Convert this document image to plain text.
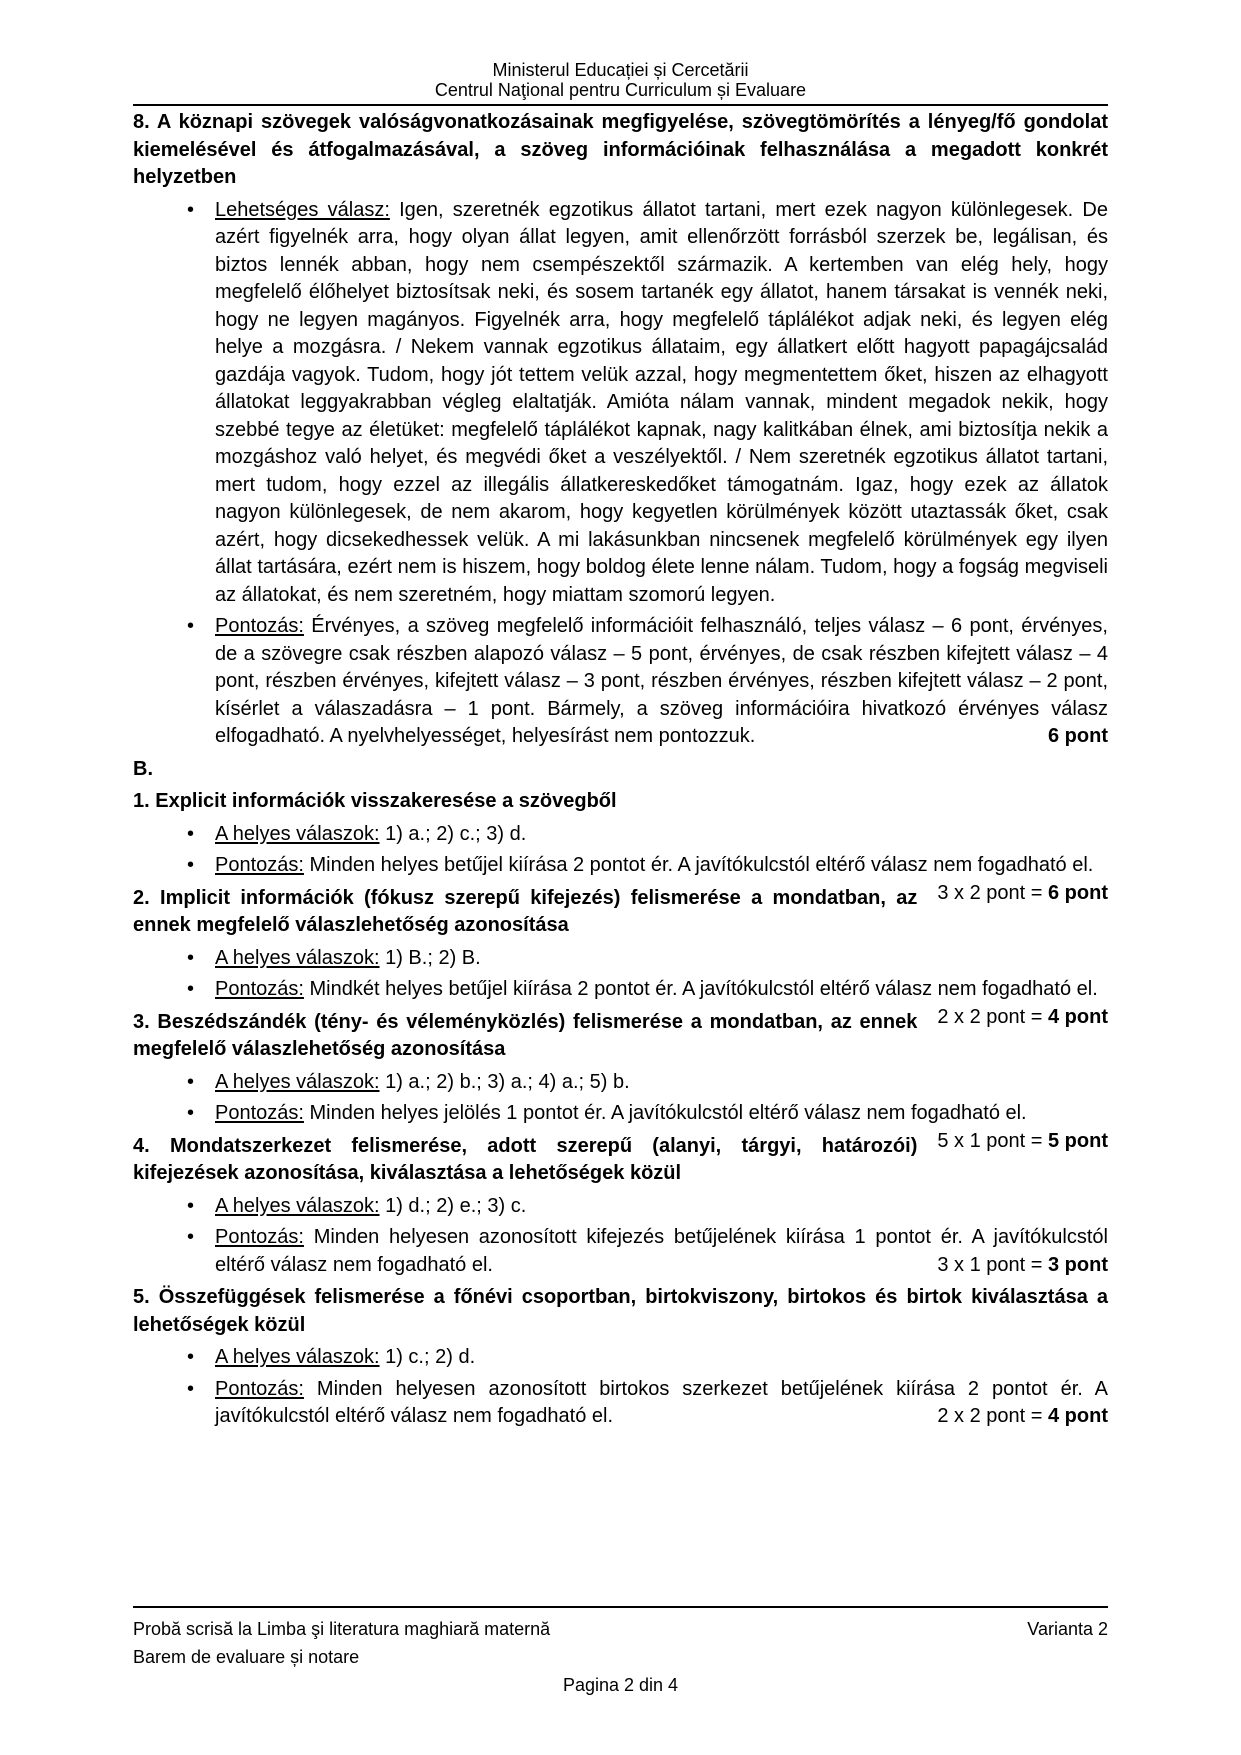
Ministerul Educației și Cercetării
Centrul Naţional pentru Curriculum și Evaluare

8. A köznapi szövegek valóságvonatkozásainak megfigyelése, szövegtömörítés a lényeg/fő gondolat kiemelésével és átfogalmazásával, a szöveg információinak felhasználása a megadott konkrét helyzetben

• Lehetséges válasz: Igen, szeretnék egzotikus állatot tartani, mert ezek nagyon különlegesek. De azért figyelnék arra, hogy olyan állat legyen, amit ellenőrzött forrásból szerzek be, legálisan, és biztos lennék abban, hogy nem csempészektől származik. A kertemben van elég hely, hogy megfelelő élőhelyet biztosítsak neki, és sosem tartanék egy állatot, hanem társakat is vennék neki, hogy ne legyen magányos. Figyelnék arra, hogy megfelelő táplálékot adjak neki, és legyen elég helye a mozgásra. / Nekem vannak egzotikus állataim, egy állatkert előtt hagyott papagájcsalád gazdája vagyok. Tudom, hogy jót tettem velük azzal, hogy megmentettem őket, hiszen az elhagyott állatokat leggyakrabban végleg elaltatják. Amióta nálam vannak, mindent megadok nekik, hogy szebbé tegye az életüket: megfelelő táplálékot kapnak, nagy kalitkában élnek, ami biztosítja nekik a mozgáshoz való helyet, és megvédi őket a veszélyektől. / Nem szeretnék egzotikus állatot tartani, mert tudom, hogy ezzel az illegális állatkereskedőket támogatnám. Igaz, hogy ezek az állatok nagyon különlegesek, de nem akarom, hogy kegyetlen körülmények között utaztassák őket, csak azért, hogy dicsekedhessek velük. A mi lakásunkban nincsenek megfelelő körülmények egy ilyen állat tartására, ezért nem is hiszem, hogy boldog élete lenne nálam. Tudom, hogy a fogság megviseli az állatokat, és nem szeretném, hogy miattam szomorú legyen.
• Pontozás: Érvényes, a szöveg megfelelő információit felhasználó, teljes válasz – 6 pont, érvényes, de a szövegre csak részben alapozó válasz – 5 pont, érvényes, de csak részben kifejtett válasz – 4 pont, részben érvényes, kifejtett válasz – 3 pont, részben érvényes, részben kifejtett válasz – 2 pont, kísérlet a válaszadásra – 1 pont. Bármely, a szöveg információira hivatkozó érvényes válasz elfogadható. A nyelvhelyességet, helyesírást nem pontozzuk.	6 pont

B.

1. Explicit információk visszakeresése a szövegből

• A helyes válaszok: 1) a.; 2) c.; 3) d.
• Pontozás: Minden helyes betűjel kiírása 2 pontot ér. A javítókulcstól eltérő válasz nem fogadható el.
3 x 2 pont = 6 pont

2. Implicit információk (fókusz szerepű kifejezés) felismerése a mondatban, az ennek megfelelő válaszlehetőség azonosítása

• A helyes válaszok: 1) B.; 2) B.
• Pontozás: Mindkét helyes betűjel kiírása 2 pontot ér. A javítókulcstól eltérő válasz nem fogadható el.
2 x 2 pont = 4 pont

3. Beszédszándék (tény- és véleményközlés) felismerése a mondatban, az ennek megfelelő válaszlehetőség azonosítása

• A helyes válaszok: 1) a.; 2) b.; 3) a.; 4) a.; 5) b.
• Pontozás: Minden helyes jelölés 1 pontot ér. A javítókulcstól eltérő válasz nem fogadható el.
5 x 1 pont = 5 pont

4. Mondatszerkezet felismerése, adott szerepű (alanyi, tárgyi, határozói) kifejezések azonosítása, kiválasztása a lehetőségek közül

• A helyes válaszok: 1) d.; 2) e.; 3) c.
• Pontozás: Minden helyesen azonosított kifejezés betűjelének kiírása 1 pontot ér. A javítókulcstól eltérő válasz nem fogadható el.	3 x 1 pont = 3 pont

5. Összefüggések felismerése a főnévi csoportban, birtokviszony, birtokos és birtok kiválasztása a lehetőségek közül

• A helyes válaszok: 1) c.; 2) d.
• Pontozás: Minden helyesen azonosított birtokos szerkezet betűjelének kiírása 2 pontot ér. A javítókulcstól eltérő válasz nem fogadható el.	2 x 2 pont = 4 pont
Probă scrisă la Limba şi literatura maghiară maternă	Varianta 2
Barem de evaluare și notare
Pagina 2 din 4
